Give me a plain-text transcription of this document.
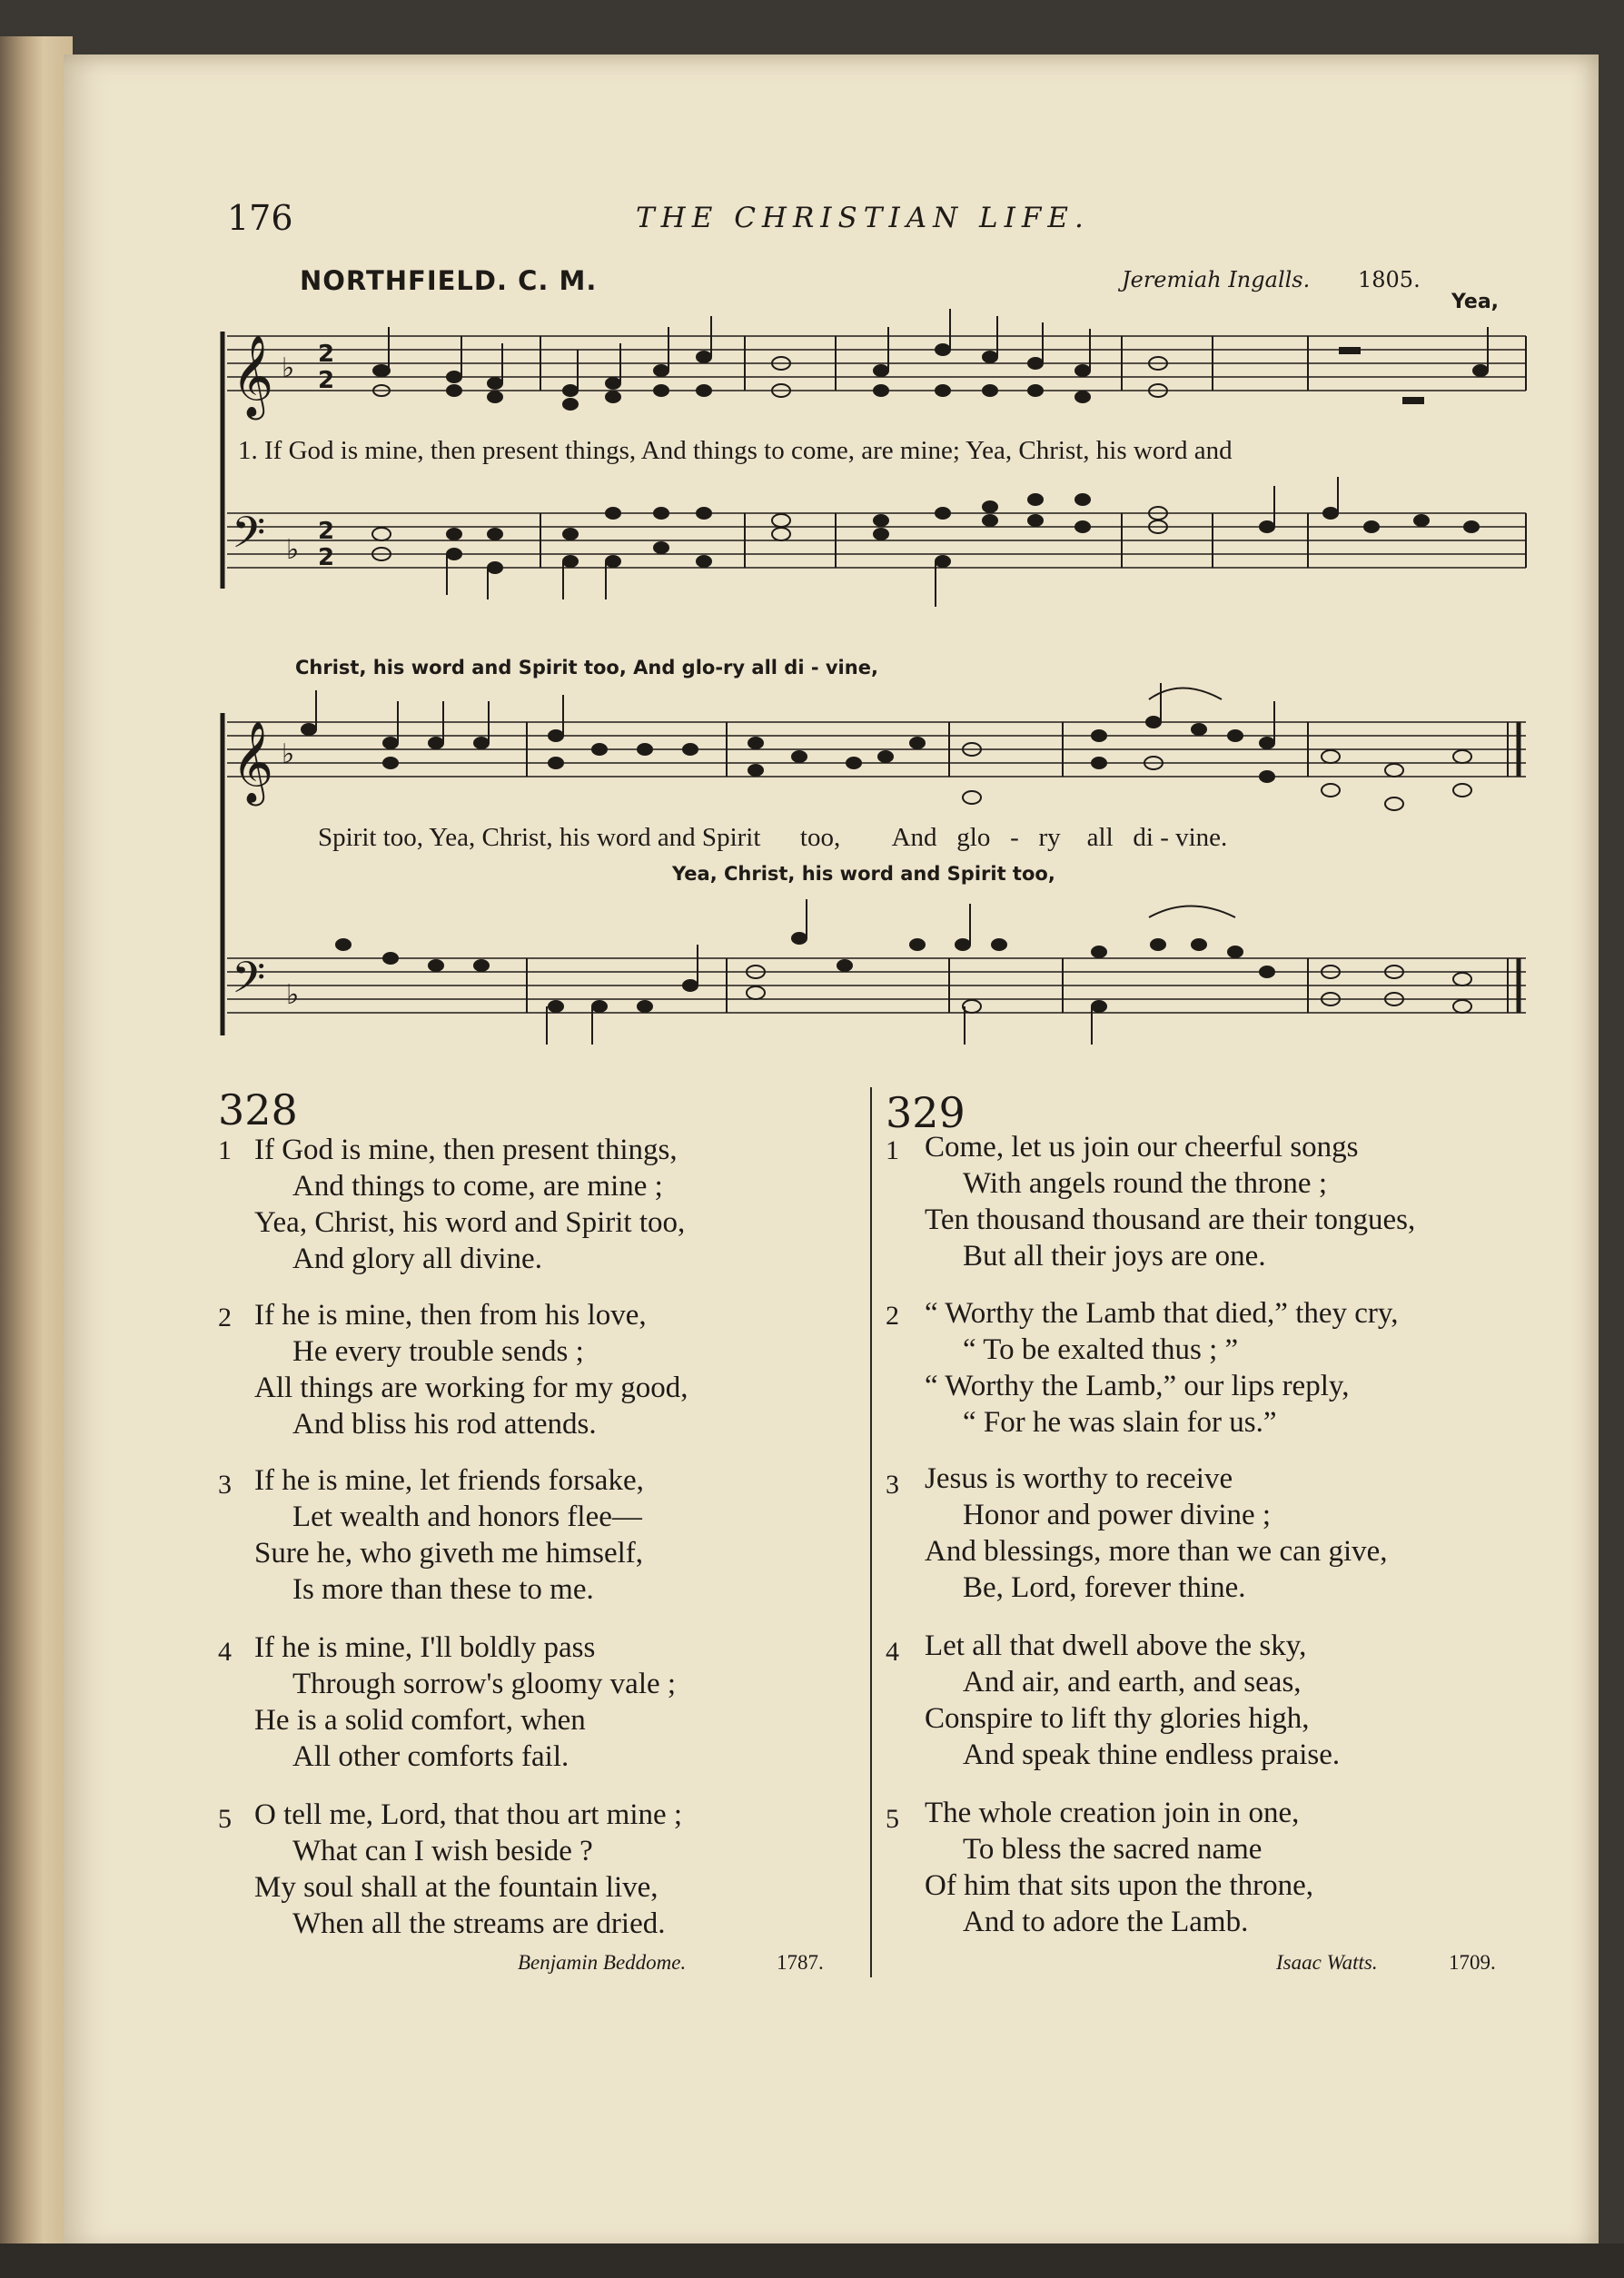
176	THE CHRISTIAN LIFE.
NORTHFIELD. C. M.	Jeremiah Ingalls. 1805.
Yea,
𝄞 ♭ 2
2
𝄢 ♭
2
2
𝄞 ♭
𝄢 ♭
1. If God is mine, then present things, And things to come, are mine; Yea, Christ, his word and
Christ, his word and Spirit too, And glo-ry all di - vine,
Spirit too, Yea, Christ, his word and Spirit      too,        And   glo   -   ry    all   di - vine.
Yea, Christ, his word and Spirit too,
328	329
1 If God is mine, then present things,
And things to come, are mine ;
Yea, Christ, his word and Spirit too,
And glory all divine.
2 If he is mine, then from his love,
He every trouble sends ;
All things are working for my good,
And bliss his rod attends.
3 If he is mine, let friends forsake,
Let wealth and honors flee—
Sure he, who giveth me himself,
Is more than these to me.
4 If he is mine, I'll boldly pass
Through sorrow's gloomy vale ;
He is a solid comfort, when
All other comforts fail.
5 O tell me, Lord, that thou art mine ;
What can I wish beside ?
My soul shall at the fountain live,
When all the streams are dried.
Benjamin Beddome.	1787.
1 Come, let us join our cheerful songs
With angels round the throne ;
Ten thousand thousand are their tongues,
But all their joys are one.
2 “ Worthy the Lamb that died,” they cry,
“ To be exalted thus ; ”
“ Worthy the Lamb,” our lips reply,
“ For he was slain for us.”
3 Jesus is worthy to receive
Honor and power divine ;
And blessings, more than we can give,
Be, Lord, forever thine.
4 Let all that dwell above the sky,
And air, and earth, and seas,
Conspire to lift thy glories high,
And speak thine endless praise.
5 The whole creation join in one,
To bless the sacred name
Of him that sits upon the throne,
And to adore the Lamb.
Isaac Watts.	1709.
